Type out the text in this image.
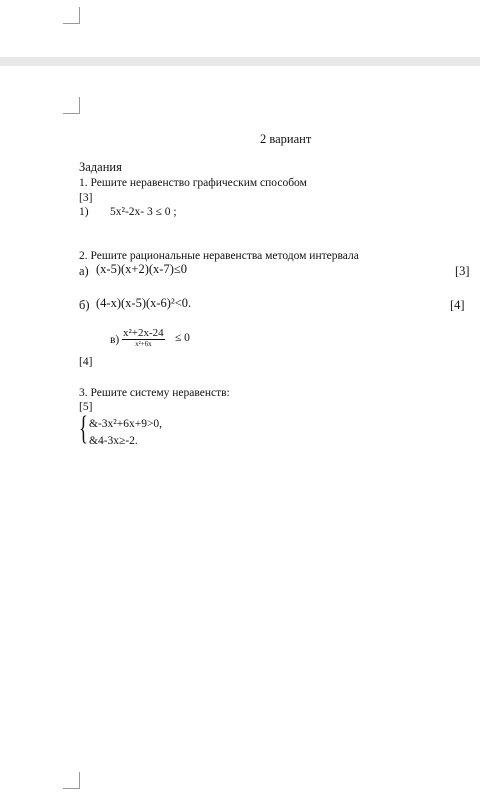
2 вариант
Задания
1. Решите неравенство графическим способом
[3]
1) 5x²-2x- 3 ≤ 0 ;
2. Решите рациональные неравенства методом интервала
а) (x-5)(x+2)(x-7)≤0	[3]
б) (4-x)(x-5)(x-6)²<0.	[4]
в)
x²+2x-24
x²+6x	≤ 0
[4]
3. Решите систему неравенств:
[5]
{ &-3x²+6x+9>0,
&4-3x≥-2.
